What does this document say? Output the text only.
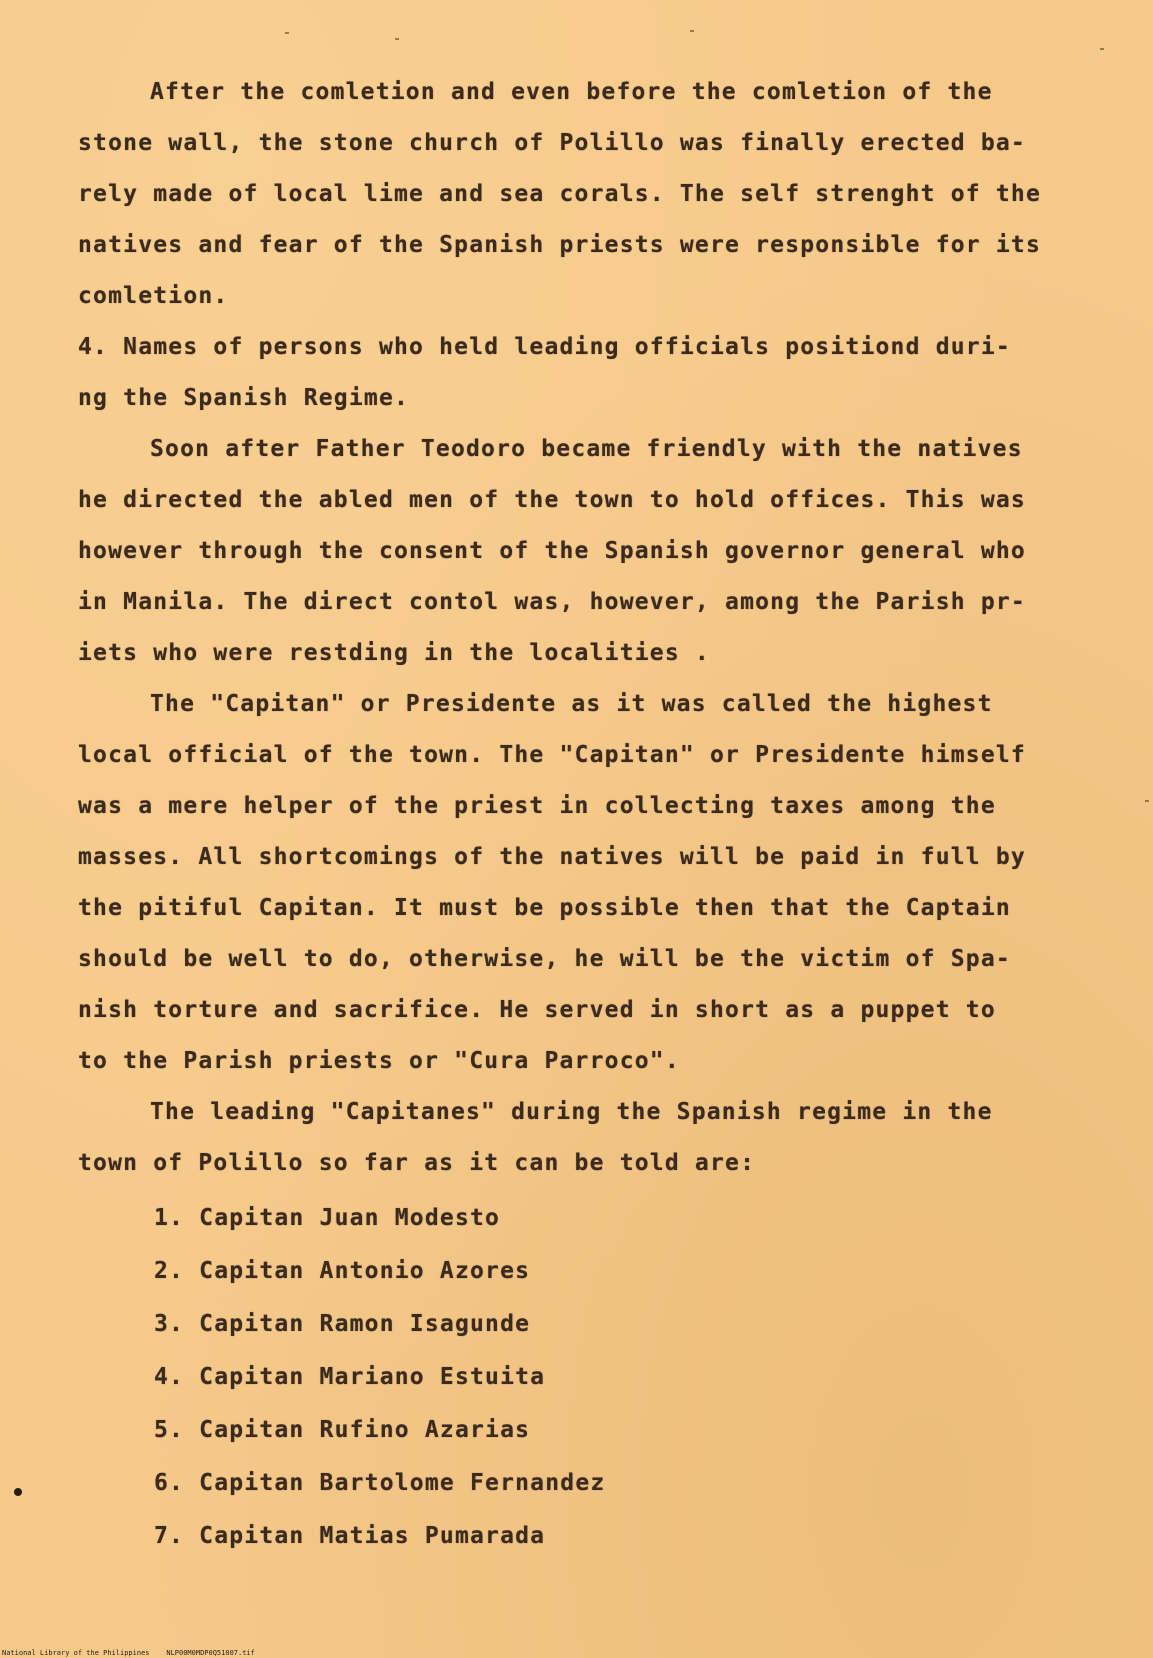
After the comletion and even before the comletion of the
stone wall, the stone church of Polillo was finally erected ba-
rely made of local lime and sea corals. The self strenght of the
natives and fear of the Spanish priests were responsible for its
comletion.
4. Names of persons who held leading officials positiond duri-
ng the Spanish Regime.
Soon after Father Teodoro became friendly with the natives
he directed the abled men of the town to hold offices. This was
however through the consent of the Spanish governor general who
in Manila. The direct contol was, however, among the Parish pr-
iets who were restding in the localities .
The "Capitan" or Presidente as it was called the highest
local official of the town. The "Capitan" or Presidente himself
was a mere helper of the priest in collecting taxes among the
masses. All shortcomings of the natives will be paid in full by
the pitiful Capitan. It must be possible then that the Captain
should be well to do, otherwise, he will be the victim of Spa-
nish torture and sacrifice. He served in short as a puppet to
to the Parish priests or "Cura Parroco".
The leading "Capitanes" during the Spanish regime in the
town of Polillo so far as it can be told are:
1. Capitan Juan Modesto
2. Capitan Antonio Azores
3. Capitan Ramon Isagunde
4. Capitan Mariano Estuita
5. Capitan Rufino Azarias
6. Capitan Bartolome Fernandez
7. Capitan Matias Pumarada
National Library of the Philippines    NLP00M0MDP0Q51007.tif
